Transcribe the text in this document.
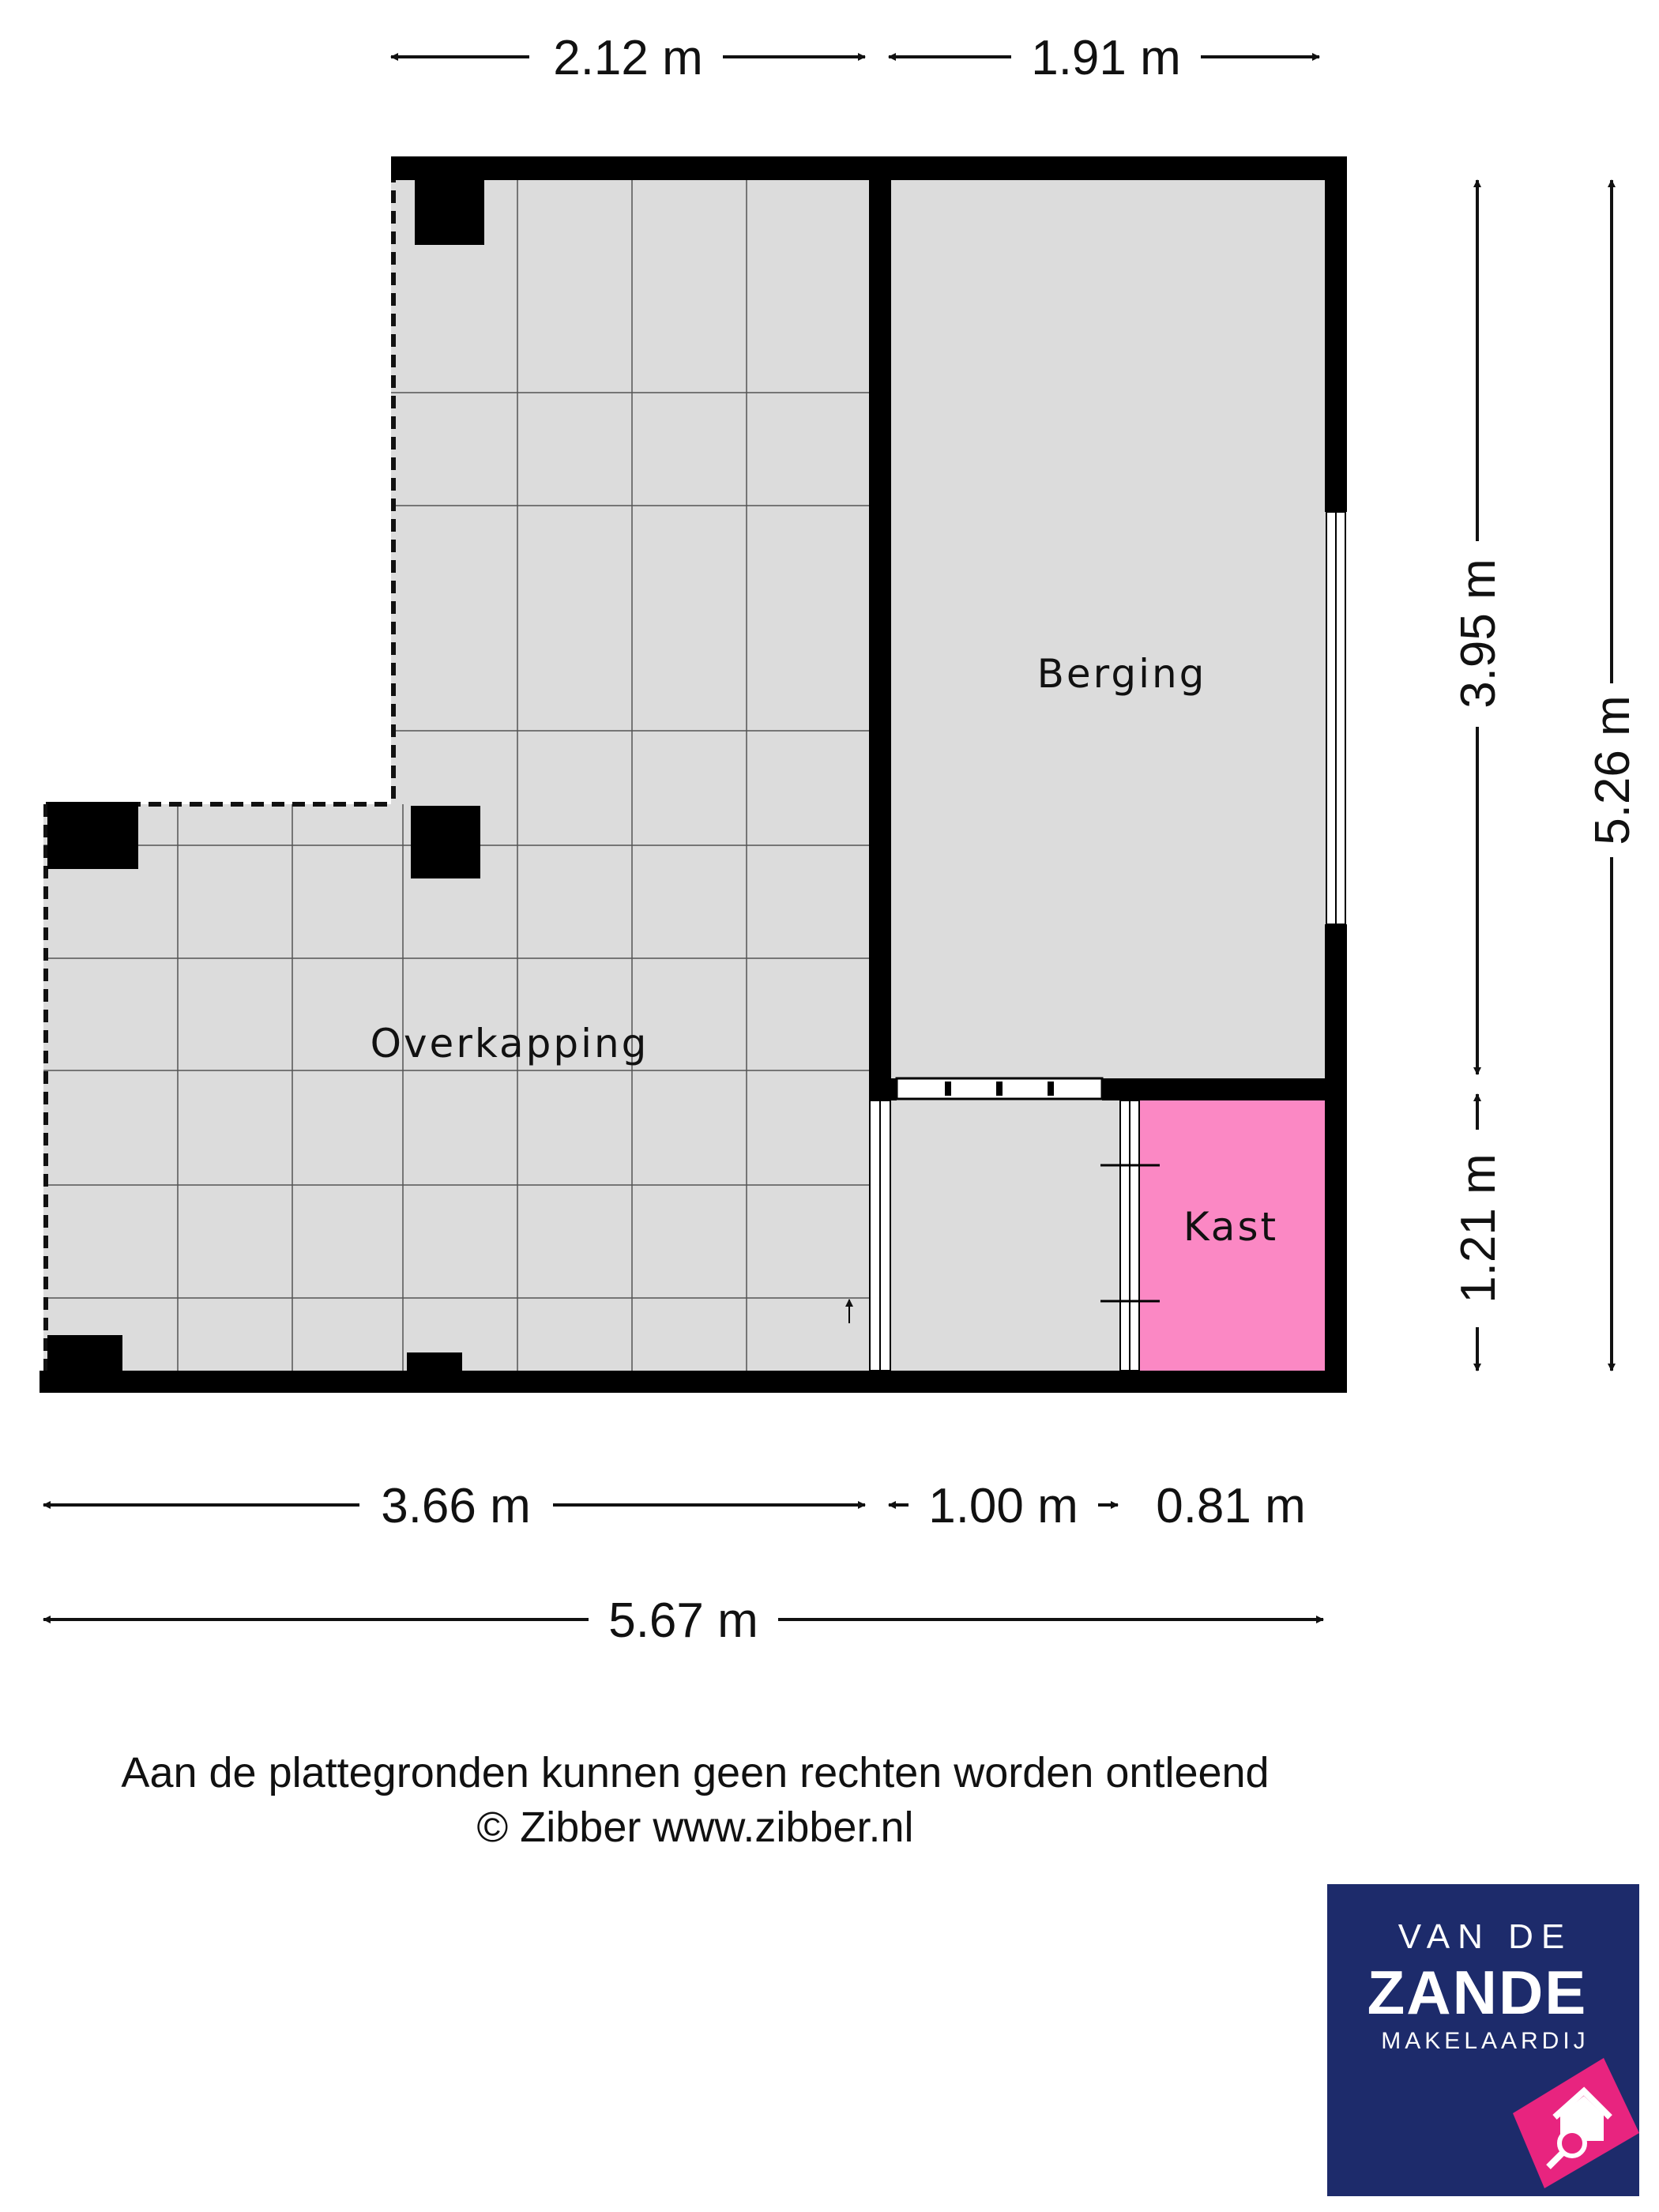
Overkapping
Berging
Kast
2.12 m	1.91 m
3.95 m
1.21 m
5.26 m
3.66 m	1.00 m 0.81 m
5.67 m
Aan de plattegronden kunnen geen rechten worden ontleend
© Zibber www.zibber.nl
VAN DE
ZANDE
MAKELAARDIJ
